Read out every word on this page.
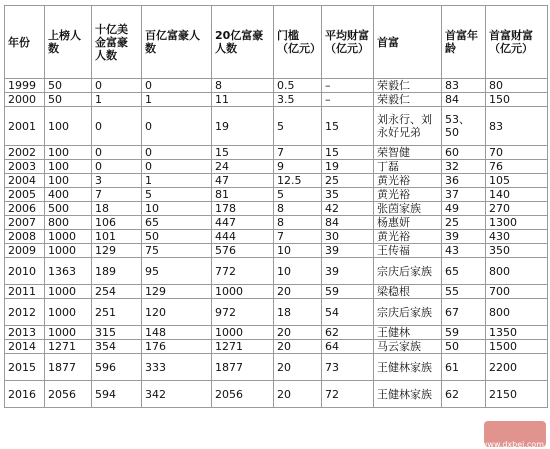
年份	上榜人数	十亿美金富豪人数	百亿富豪人数	20亿富豪人数	门槛（亿元）	平均财富（亿元）	首富	首富年龄	首富财富（亿元）
1999	50	0	0	8	0.5	–	荣毅仁	83	80
2000	50	1	1	11	3.5	–	荣毅仁	84	150
2001	100	0	0	19	5	15	刘永行、刘永好兄弟	53、50	83
2002	100	0	0	15	7	15	荣智健	60	70
2003	100	0	0	24	9	19	丁磊	32	76
2004	100	3	1	47	12.5	25	黄光裕	36	105
2005	400	7	5	81	5	35	黄光裕	37	140
2006	500	18	10	178	8	42	张茵家族	49	270
2007	800	106	65	447	8	84	杨惠妍	25	1300
2008	1000	101	50	444	7	30	黄光裕	39	430
2009	1000	129	75	576	10	39	王传福	43	350
2010	1363	189	95	772	10	39	宗庆后家族	65	800
2011	1000	254	129	1000	20	59	梁稳根	55	700
2012	1000	251	120	972	18	54	宗庆后家族	67	800
2013	1000	315	148	1000	20	62	王健林	59	1350
2014	1271	354	176	1271	20	64	马云家族	50	1500
2015	1877	596	333	1877	20	73	王健林家族	61	2200
2016	2056	594	342	2056	20	72	王健林家族	62	2150
www.dxbei.com
